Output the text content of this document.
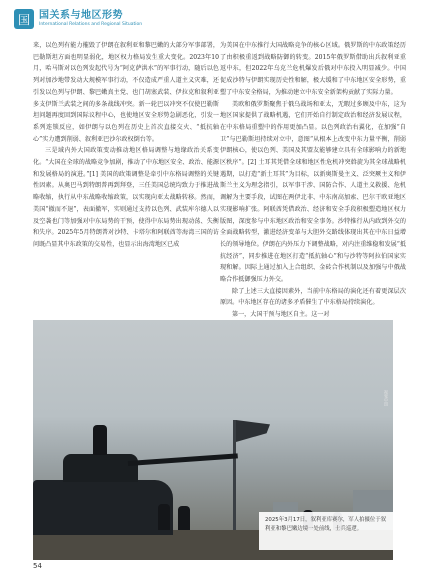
国 国关系与地区形势
International Relations and Regional Situation

来，以色列有能力摧毁了伊朗在叙利亚和黎巴嫩的大部分军事部署，巴勒斯坦方面也明显弱化，地区权力格局发生重大变化。2023年10月，哈马斯对以色列发起代号为“阿克萨洪水”的军事行动，随后以色列对加沙地带发动大规模军事行动，不仅造成严重人道主义灾难，还引发以色列与伊朗、黎巴嫩真主党、也门胡塞武装、伊拉克和叙利亚多支伊斯兰武装之间的多条战线冲突。新一轮巴以冲突不仅使巴勒斯坦问题再度回到国际议程中心，也使地区安全形势急剧恶化，引发一系列连锁反应，如伊朗与以色列在历史上首次直接交火、“抵抗轴心”实力遭到削弱、叙利亚巴沙尔政权倒台等。

三是域内外大国政策变动推动地区格局调整与地缘政治关系变化。“大国在全球的战略竞争加剧，推动了中东地区安全、政治、能源和发展格局的演进。”[1] 美国的政策调整是牵引中东格局调整的关键性因素。从奥巴马到特朗普再到拜登，三任美国总统均致力于推进战略收缩，执行从中东战略收缩政策，以实现向亚太战略转移。然而，美国“撤而不退”，表面撤军，实则通过支持以色列、武装库尔德人以及空袭也门等加强对中东局势的干预，使得中东局势出现动荡、失衡和失序。2025年5月特朗普对沙特、卡塔尔和阿联酋等海湾三国的访问既凸显其中东政策的交易性，也显示出海湾地区已成

为美国在中东推行大国战略竞争的核心区域。俄罗斯的中东政策经历了由积极重返到战略防御的转变。2015年俄罗斯借助出兵叙利亚重返中东，但2022年乌克兰危机爆发后俄对中东投入明显减少。中国促成沙特与伊朗实现历史性和解，极大缓和了中东地区安全形势，重塑了中东安全格局，为推动建立中东安全新架构贡献了实际力量。

美欧和俄罗斯聚焦于俄乌战场和亚太，无暇过多顾及中东，这为地区国家提供了战略机遇，它们开始自行制定政治和经济发展议程，在中东格局重塑中的作用更加凸显。以色列政治右翼化，在加强“自卫”与巴勒斯坦持续对立中，意图“从根本上改变中东力量平衡，削弱伊朗核心，使以色列、美国及其盟友能够建立具有全球影响力的新地区秩序”。[2] 土耳其凭借全球和地区性危机冲突斡旋为其全球战略机遇期，以打造“新土耳其”为目标，以新奥斯曼主义、泛突厥主义和伊斯兰主义为理念指引，以军事干涉、国防合作、人道主义救援、危机调解为主要手段，试图在两伊北非、中东南高加索、巴尔干欧亚地区实现影响扩张。阿联酋凭借政治、经济和安全手段积极塑造地区权力版图，深度参与中东地区政治和安全事务。沙特推行从内政到外交的全面战略转型，激进经济变革与大胆外交路线体现出其在中东日益增长的领导地位。伊朗在内外压力下调整战略，对内注重维稳和发展“抵抗经济”，同步推进在地区打造“抵抗轴心”和与沙特等阿拉伯国家实现和解。因际上通过加入上合组织、金砖合作机制以及加强与中俄战略合作抵御强压力外交。

除了上述三大直接因素外，当前中东格局的演化还有着更深层次原因。中东地区存在的诸多矛盾催生了中东格局持续演化。

第一，大国干预与地区自主。这一对

视觉中国
2025年3月17日，叙利亚库赛尔，军人拍摄位于叙利亚和黎巴嫩边境一处前线，士兵巡逻。
54
